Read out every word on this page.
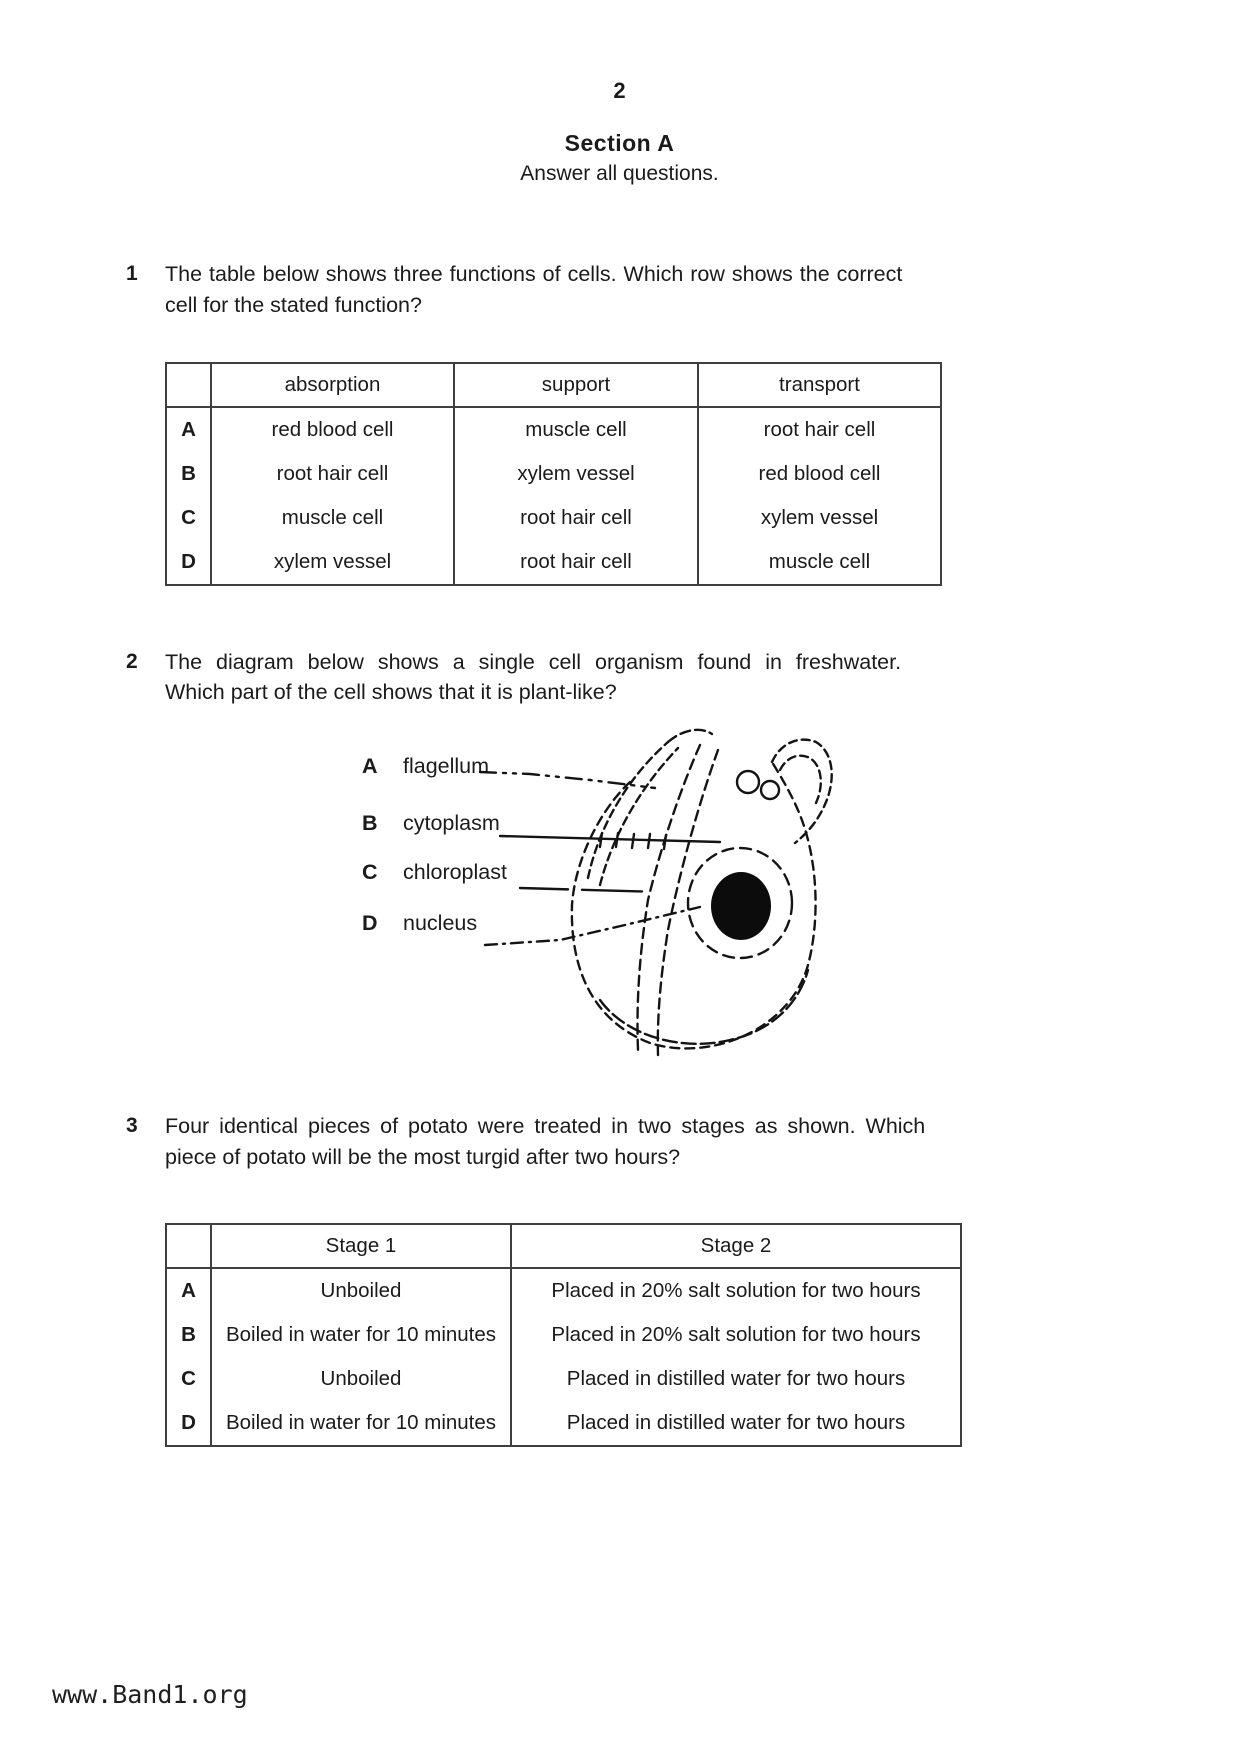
2
Section A
Answer all questions.
1	The table below shows three functions of cells. Which row shows the correct
cell for the stated function?
	absorption	support	transport
A	red blood cell	muscle cell	root hair cell
B	root hair cell	xylem vessel	red blood cell
C	muscle cell	root hair cell	xylem vessel
D	xylem vessel	root hair cell	muscle cell
2	The diagram below shows a single cell organism found in freshwater.
Which part of the cell shows that it is plant-like?
A flagellum
B cytoplasm
C chloroplast
D nucleus
3	Four identical pieces of potato were treated in two stages as shown. Which
piece of potato will be the most turgid after two hours?
	Stage 1	Stage 2
A	Unboiled	Placed in 20% salt solution for two hours
B	Boiled in water for 10 minutes	Placed in 20% salt solution for two hours
C	Unboiled	Placed in distilled water for two hours
D	Boiled in water for 10 minutes	Placed in distilled water for two hours
www.Band1.org
